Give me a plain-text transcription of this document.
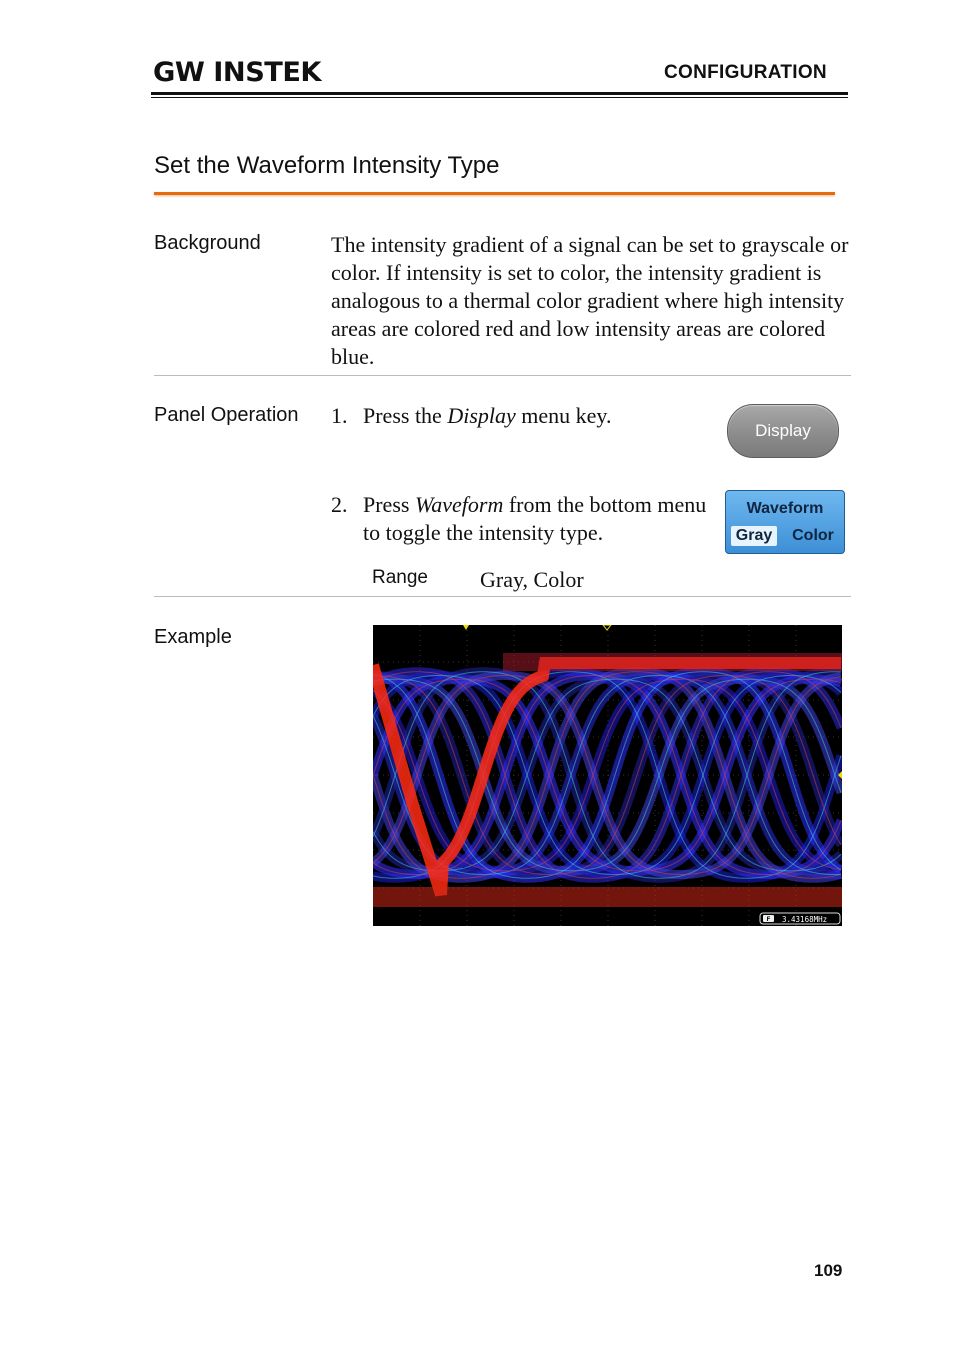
GW INSTEK	CONFIGURATION
Set the Waveform Intensity Type
Background	The intensity gradient of a signal can be set to grayscale or color. If intensity is set to color, the intensity gradient is analogous to a thermal color gradient where high intensity areas are colored red and low intensity areas are colored blue.
Panel Operation 1. Press the Display menu key.
Display
2. Press Waveform from the bottom menu to toggle the intensity type.
Waveform
Gray Color
Range Gray, Color
Example
F 3.43168MHz
109
